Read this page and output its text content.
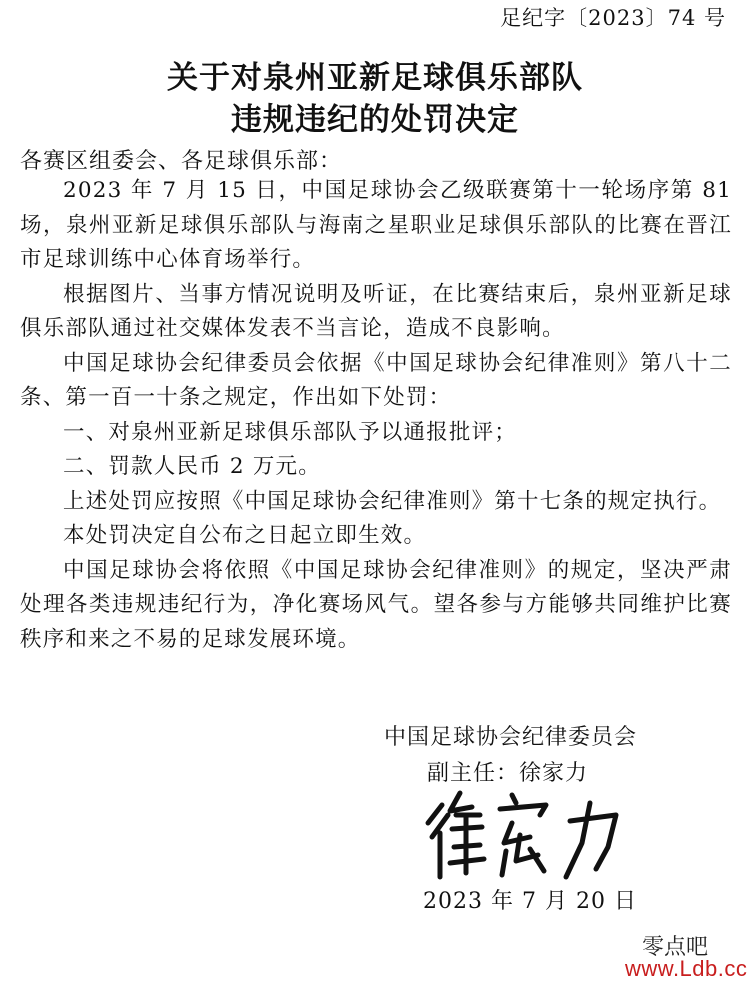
足纪字〔2023〕74 号
关于对泉州亚新足球俱乐部队
违规违纪的处罚决定
各赛区组委会、各足球俱乐部：

2023 年 7 月 15 日，中国足球协会乙级联赛第十一轮场序第 81 场，泉州亚新足球俱乐部队与海南之星职业足球俱乐部队的比赛在晋江市足球训练中心体育场举行。

根据图片、当事方情况说明及听证，在比赛结束后，泉州亚新足球俱乐部队通过社交媒体发表不当言论，造成不良影响。

中国足球协会纪律委员会依据《中国足球协会纪律准则》第八十二条、第一百一十条之规定，作出如下处罚：

一、对泉州亚新足球俱乐部队予以通报批评；

二、罚款人民币 2 万元。

上述处罚应按照《中国足球协会纪律准则》第十七条的规定执行。

本处罚决定自公布之日起立即生效。

中国足球协会将依照《中国足球协会纪律准则》的规定，坚决严肃处理各类违规违纪行为，净化赛场风气。望各参与方能够共同维护比赛秩序和来之不易的足球发展环境。

中国足球协会纪律委员会
副主任：徐家力
2023 年 7 月 20 日
零点吧
www.Ldb.cc
